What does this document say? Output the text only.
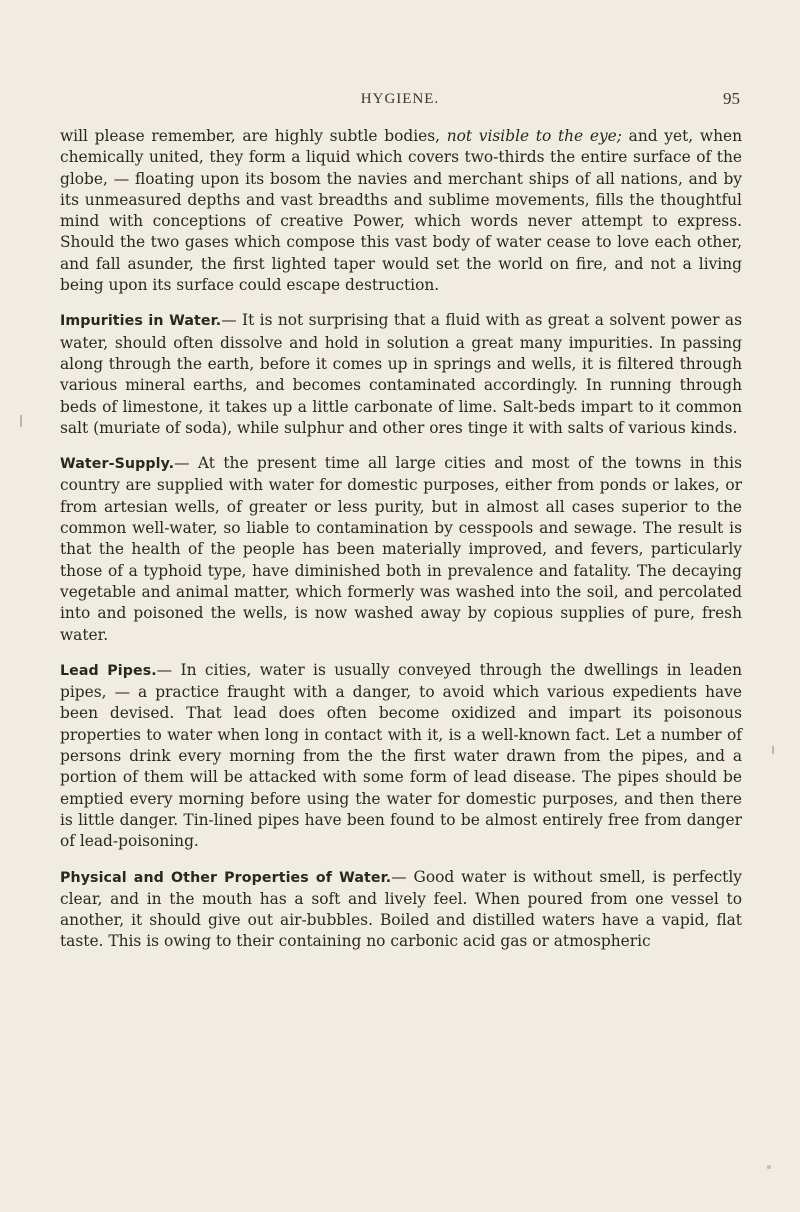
HYGIENE.	95

will please remember, are highly subtle bodies, not visible to the eye; and yet, when chemically united, they form a liquid which covers two-thirds the entire surface of the globe, — floating upon its bosom the navies and merchant ships of all nations, and by its unmeasured depths and vast breadths and sublime movements, fills the thoughtful mind with conceptions of creative Power, which words never attempt to express. Should the two gases which compose this vast body of water cease to love each other, and fall asunder, the first lighted taper would set the world on fire, and not a living being upon its surface could escape destruction.

Impurities in Water.— It is not surprising that a fluid with as great a solvent power as water, should often dissolve and hold in solution a great many impurities. In passing along through the earth, before it comes up in springs and wells, it is filtered through various mineral earths, and becomes contaminated accordingly. In running through beds of limestone, it takes up a little carbonate of lime. Salt-beds impart to it common salt (muriate of soda), while sulphur and other ores tinge it with salts of various kinds.

Water-Supply.— At the present time all large cities and most of the towns in this country are supplied with water for domestic purposes, either from ponds or lakes, or from artesian wells, of greater or less purity, but in almost all cases superior to the common well-water, so liable to contamination by cesspools and sewage. The result is that the health of the people has been materially improved, and fevers, particularly those of a typhoid type, have diminished both in prevalence and fatality. The decaying vegetable and animal matter, which formerly was washed into the soil, and percolated into and poisoned the wells, is now washed away by copious supplies of pure, fresh water.

Lead Pipes.— In cities, water is usually conveyed through the dwellings in leaden pipes, — a practice fraught with a danger, to avoid which various expedients have been devised. That lead does often become oxidized and impart its poisonous properties to water when long in contact with it, is a well-known fact. Let a number of persons drink every morning from the the first water drawn from the pipes, and a portion of them will be attacked with some form of lead disease. The pipes should be emptied every morning before using the water for domestic purposes, and then there is little danger. Tin-lined pipes have been found to be almost entirely free from danger of lead-poisoning.

Physical and Other Properties of Water.— Good water is without smell, is perfectly clear, and in the mouth has a soft and lively feel. When poured from one vessel to another, it should give out air-bubbles. Boiled and distilled waters have a vapid, flat taste. This is owing to their containing no carbonic acid gas or atmospheric
